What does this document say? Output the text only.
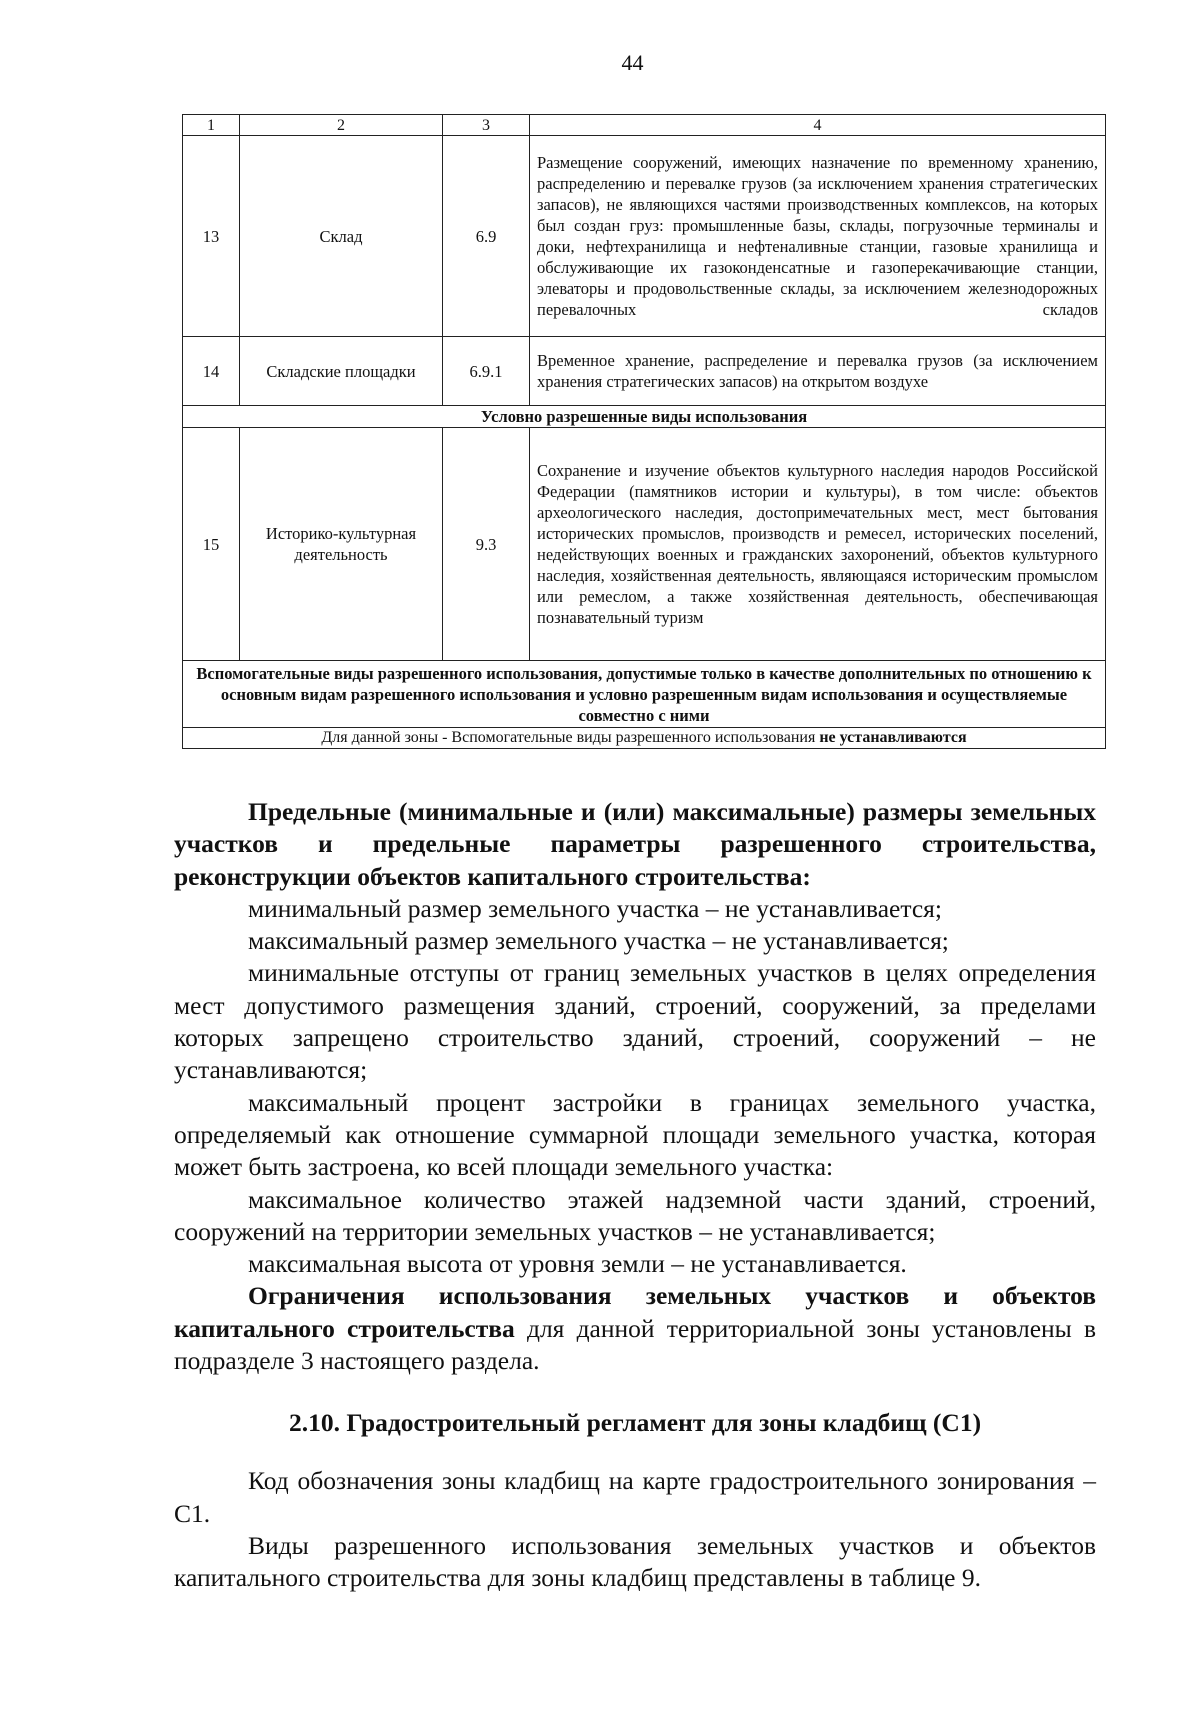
44
1	2	3	4
13	Склад	6.9	Размещение сооружений, имеющих назначение по временному хранению, распределению и перевалке грузов (за исключением хранения стратегических запасов), не являющихся частями производственных комплексов, на которых был создан груз: промышленные базы, склады, погрузочные терминалы и доки, нефтехранилища и нефтеналивные станции, газовые хранилища и обслуживающие их газоконденсатные и газоперекачивающие станции, элеваторы и продовольственные склады, за исключением железнодорожных перевалочных складов
14	Складские площадки	6.9.1	Временное хранение, распределение и перевалка грузов (за исключением хранения стратегических запасов) на открытом воздухе
Условно разрешенные виды использования			
15	Историко-культурная деятельность	9.3	Сохранение и изучение объектов культурного наследия народов Российской Федерации (памятников истории и культуры), в том числе: объектов археологического наследия, достопримечательных мест, мест бытования исторических промыслов, производств и ремесел, исторических поселений, недействующих военных и гражданских захоронений, объектов культурного наследия, хозяйственная деятельность, являющаяся историческим промыслом или ремеслом, а также хозяйственная деятельность, обеспечивающая познавательный туризм
Вспомогательные виды разрешенного использования, допустимые только в качестве дополнительных по отношению к основным видам разрешенного использования и условно разрешенным видам использования и осуществляемые совместно с ними			
Для данной зоны - Вспомогательные виды разрешенного использования не устанавливаются			

Предельные (минимальные и (или) максимальные) размеры земельных участков и предельные параметры разрешенного строительства, реконструкции объектов капитального строительства:

минимальный размер земельного участка – не устанавливается;

максимальный размер земельного участка – не устанавливается;

минимальные отступы от границ земельных участков в целях определения мест допустимого размещения зданий, строений, сооружений, за пределами которых запрещено строительство зданий, строений, сооружений – не устанавливаются;

максимальный процент застройки в границах земельного участка, определяемый как отношение суммарной площади земельного участка, которая может быть застроена, ко всей площади земельного участка:

максимальное количество этажей надземной части зданий, строений, сооружений на территории земельных участков – не устанавливается;

максимальная высота от уровня земли – не устанавливается.

Ограничения использования земельных участков и объектов капитального строительства для данной территориальной зоны установлены в подразделе 3 настоящего раздела.

2.10. Градостроительный регламент для зоны кладбищ (С1)

Код обозначения зоны кладбищ на карте градостроительного зонирования – С1.

Виды разрешенного использования земельных участков и объектов капитального строительства для зоны кладбищ представлены в таблице 9.
